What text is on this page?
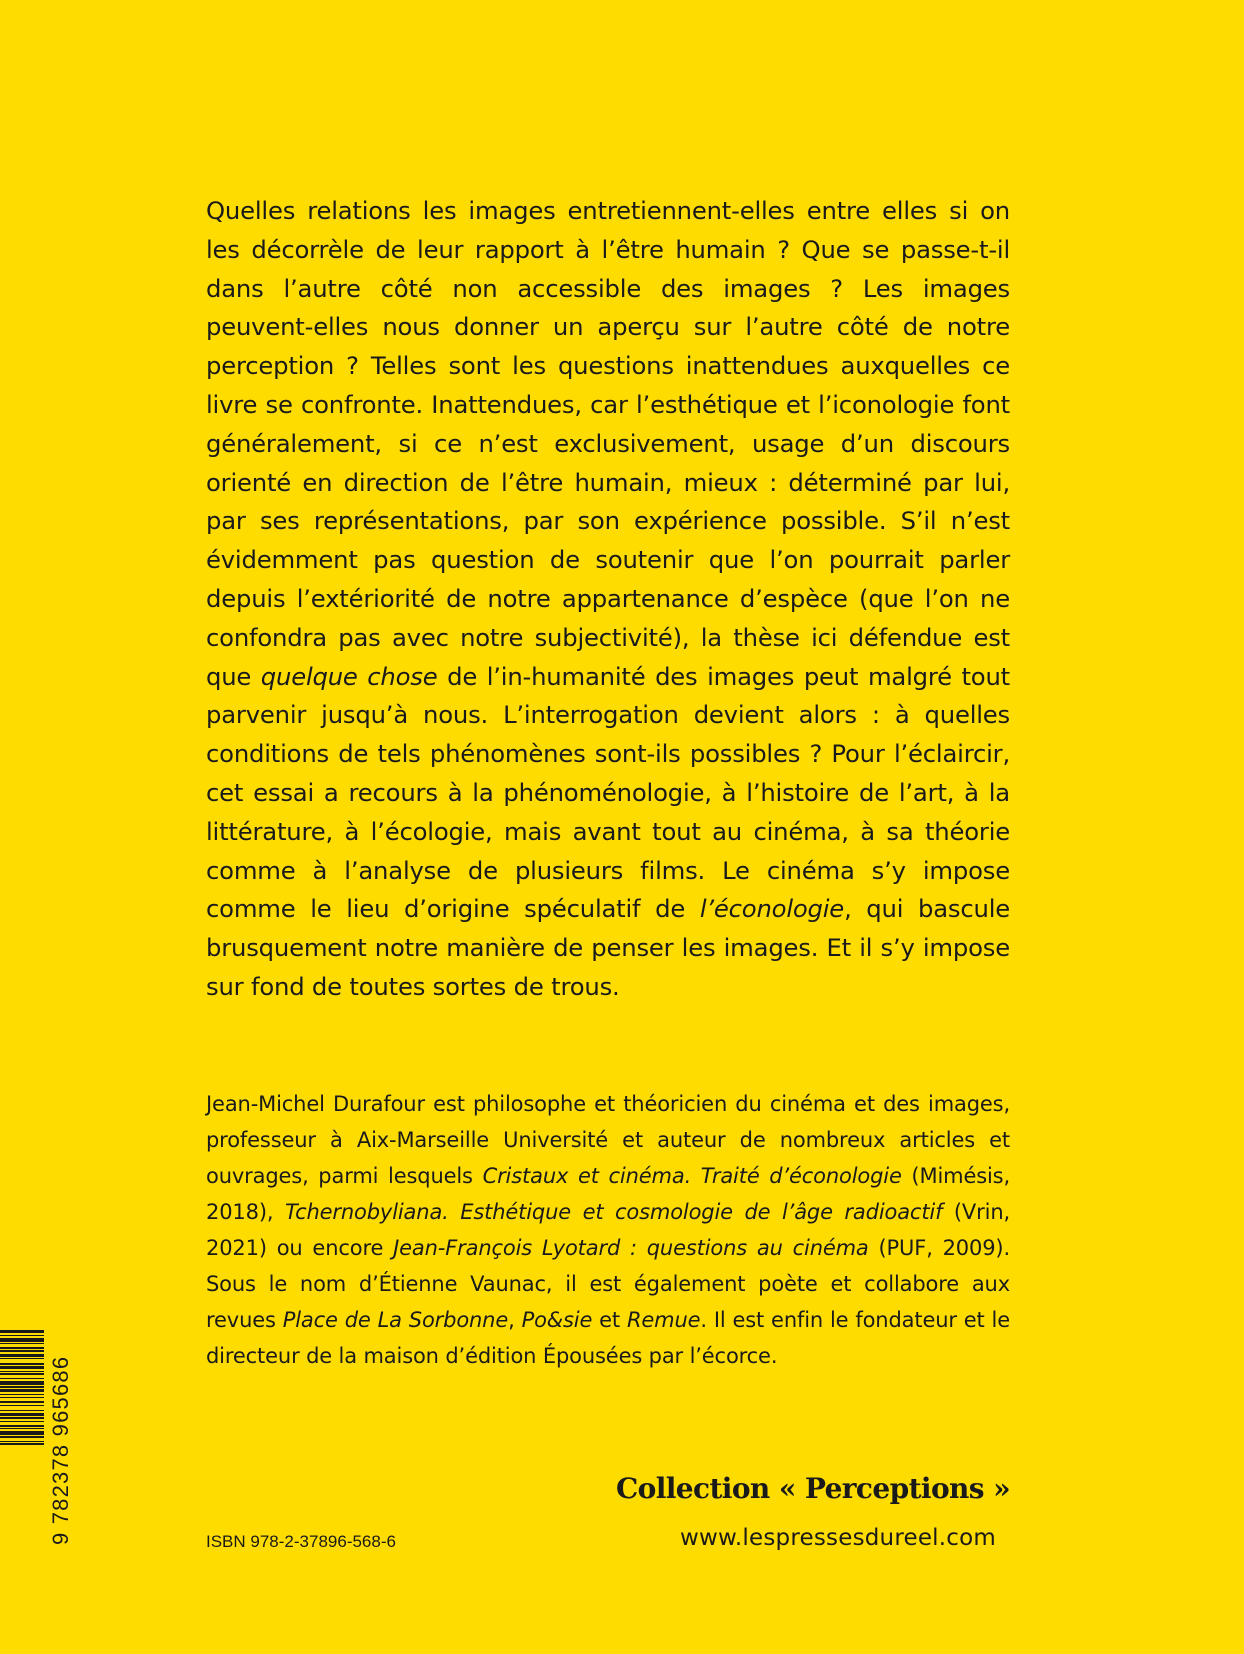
Quelles relations les images entretiennent-elles entre elles si on les décorrèle de leur rapport à l’être humain ? Que se passe-t-il dans l’autre côté non accessible des images ? Les images peuvent-elles nous donner un aperçu sur l’autre côté de notre perception ? Telles sont les questions inattendues auxquelles ce livre se confronte. Inattendues, car l’esthétique et l’iconologie font généralement, si ce n’est exclusivement, usage d’un discours orienté en direction de l’être humain, mieux : déterminé par lui, par ses représentations, par son expérience possible. S’il n’est évidemment pas question de soutenir que l’on pourrait parler depuis l’extériorité de notre appartenance d’espèce (que l’on ne confondra pas avec notre subjectivité), la thèse ici défendue est que quelque chose de l’in-humanité des images peut malgré tout parvenir jusqu’à nous. L’interrogation devient alors : à quelles conditions de tels phénomènes sont-ils possibles ? Pour l’éclaircir, cet essai a recours à la phénoménologie, à l’histoire de l’art, à la littérature, à l’écologie, mais avant tout au cinéma, à sa théorie comme à l’analyse de plusieurs films. Le cinéma s’y impose comme le lieu d’origine spéculatif de l’éconologie, qui bascule brusquement notre manière de penser les images. Et il s’y impose sur fond de toutes sortes de trous.

Jean-Michel Durafour est philosophe et théoricien du cinéma et des images, professeur à Aix-Marseille Université et auteur de nombreux articles et ouvrages, parmi lesquels Cristaux et cinéma. Traité d’éconologie (Mimésis, 2018), Tchernobyliana. Esthétique et cosmologie de l’âge radioactif (Vrin, 2021) ou encore Jean-François Lyotard : questions au cinéma (PUF, 2009). Sous le nom d’Étienne Vaunac, il est également poète et collabore aux revues Place de La Sorbonne, Po&sie et Remue. Il est enfin le fondateur et le directeur de la maison d’édition Épousées par l’écorce.

Collection « Perceptions »
www.lespressesdureel.com
ISBN 978-2-37896-568-6
9 782378 965686
